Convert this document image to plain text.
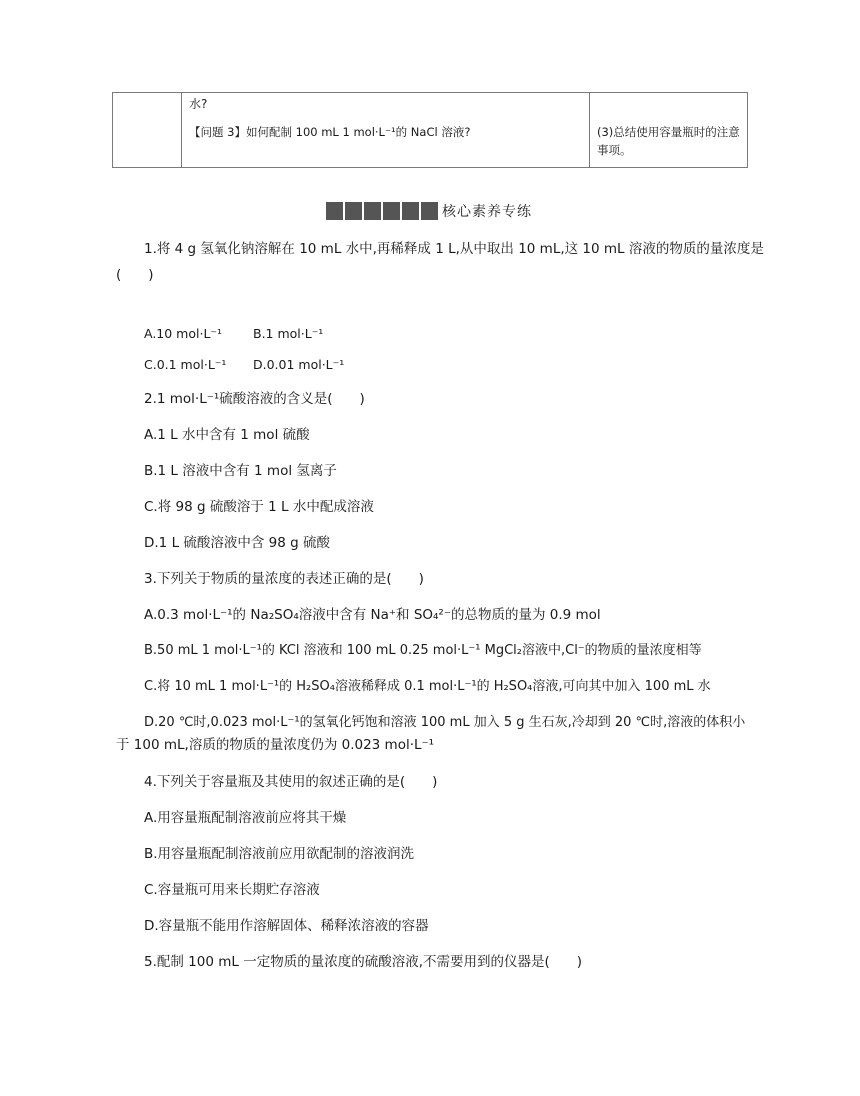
水?
【问题 3】如何配制 100 mL 1 mol·L⁻¹的 NaCl 溶液?	(3)总结使用容量瓶时的注意
事项。
核心素养专练
1.将 4 g 氢氧化钠溶解在 10 mL 水中,再稀释成 1 L,从中取出 10 mL,这 10 mL 溶液的物质的量浓度是
(　　)
A.10 mol·L⁻¹ B.1 mol·L⁻¹
C.0.1 mol·L⁻¹ D.0.01 mol·L⁻¹
2.1 mol·L⁻¹硫酸溶液的含义是(　　)
A.1 L 水中含有 1 mol 硫酸
B.1 L 溶液中含有 1 mol 氢离子
C.将 98 g 硫酸溶于 1 L 水中配成溶液
D.1 L 硫酸溶液中含 98 g 硫酸
3.下列关于物质的量浓度的表述正确的是(　　)
A.0.3 mol·L⁻¹的 Na₂SO₄溶液中含有 Na⁺和 SO₄²⁻的总物质的量为 0.9 mol
B.50 mL 1 mol·L⁻¹的 KCl 溶液和 100 mL 0.25 mol·L⁻¹ MgCl₂溶液中,Cl⁻的物质的量浓度相等
C.将 10 mL 1 mol·L⁻¹的 H₂SO₄溶液稀释成 0.1 mol·L⁻¹的 H₂SO₄溶液,可向其中加入 100 mL 水
D.20 ℃时,0.023 mol·L⁻¹的氢氧化钙饱和溶液 100 mL 加入 5 g 生石灰,冷却到 20 ℃时,溶液的体积小
于 100 mL,溶质的物质的量浓度仍为 0.023 mol·L⁻¹
4.下列关于容量瓶及其使用的叙述正确的是(　　)
A.用容量瓶配制溶液前应将其干燥
B.用容量瓶配制溶液前应用欲配制的溶液润洗
C.容量瓶可用来长期贮存溶液
D.容量瓶不能用作溶解固体、稀释浓溶液的容器
5.配制 100 mL 一定物质的量浓度的硫酸溶液,不需要用到的仪器是(　　)
